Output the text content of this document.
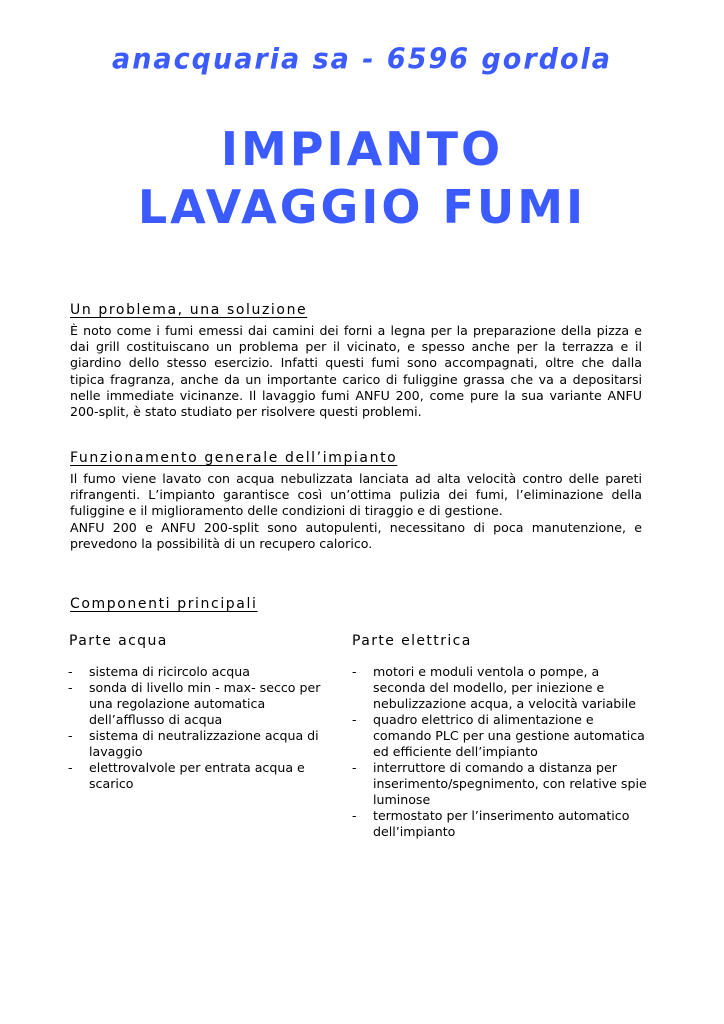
anacquaria sa - 6596 gordola
IMPIANTO
LAVAGGIO FUMI
Un problema, una soluzione

È noto come i fumi emessi dai camini dei forni a legna per la preparazione della pizza e dai grill costituiscano un problema per il vicinato, e spesso anche per la terrazza e il giardino dello stesso esercizio. Infatti questi fumi sono accompagnati, oltre che dalla tipica fragranza, anche da un importante carico di fuliggine grassa che va a depositarsi nelle immediate vicinanze. Il lavaggio fumi ANFU 200, come pure la sua variante ANFU 200-split, è stato studiato per risolvere questi problemi.

Funzionamento generale dell’impianto

Il fumo viene lavato con acqua nebulizzata lanciata ad alta velocità contro delle pareti rifrangenti. L’impianto garantisce così un’ottima pulizia dei fumi, l’eliminazione della fuliggine e il miglioramento delle condizioni di tiraggio e di gestione.

ANFU 200 e ANFU 200-split sono autopulenti, necessitano di poca manutenzione, e prevedono la possibilità di un recupero calorico.

Componenti principali
Parte acqua	Parte elettrica
- sistema di ricircolo acqua
- sonda di livello min - max- secco per una regolazione automatica dell’afflusso di acqua
- sistema di neutralizzazione acqua di lavaggio
- elettrovalvole per entrata acqua e scarico
- motori e moduli ventola o pompe, a seconda del modello, per iniezione e nebulizzazione acqua, a velocità variabile
- quadro elettrico di alimentazione e comando PLC per una gestione automatica ed efficiente dell’impianto
- interruttore di comando a distanza per inserimento/spegnimento, con relative spie luminose
- termostato per l’inserimento automatico dell’impianto
